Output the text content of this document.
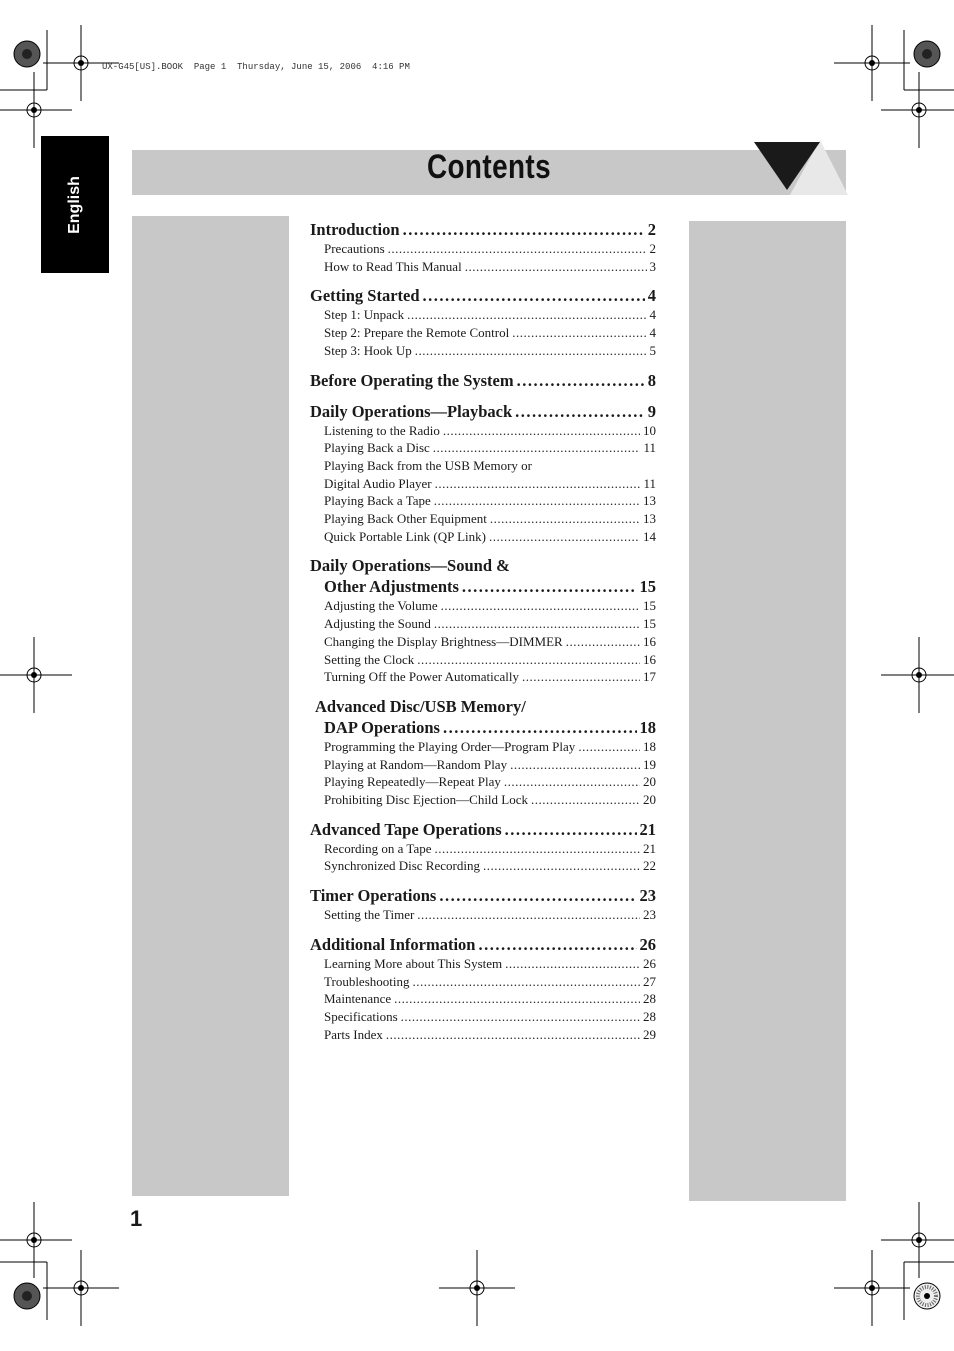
UX-G45[US].BOOK  Page 1  Thursday, June 15, 2006  4:16 PM
English
Contents
Introduction .....	2
Precautions .....	2
How to Read This Manual .....	3
Getting Started .....	4
Step 1: Unpack .....	4
Step 2: Prepare the Remote Control .....	4
Step 3: Hook Up .....	5
Before Operating the System .....	8
Daily Operations—Playback .....	9
Listening to the Radio .....	10
Playing Back a Disc .....	11
Playing Back from the USB Memory or
Digital Audio Player .....	11
Playing Back a Tape .....	13
Playing Back Other Equipment .....	13
Quick Portable Link (QP Link) .....	14
Daily Operations—Sound &
Other Adjustments .....	15
Adjusting the Volume .....	15
Adjusting the Sound .....	15
Changing the Display Brightness—DIMMER .....	16
Setting the Clock .....	16
Turning Off the Power Automatically .....	17
Advanced Disc/USB Memory/
DAP Operations .....	18
Programming the Playing Order—Program Play .....	18
Playing at Random—Random Play .....	19
Playing Repeatedly—Repeat Play .....	20
Prohibiting Disc Ejection—Child Lock .....	20
Advanced Tape Operations .....	21
Recording on a Tape .....	21
Synchronized Disc Recording .....	22
Timer Operations .....	23
Setting the Timer .....	23
Additional Information .....	26
Learning More about This System .....	26
Troubleshooting .....	27
Maintenance .....	28
Specifications .....	28
Parts Index .....	29
1
